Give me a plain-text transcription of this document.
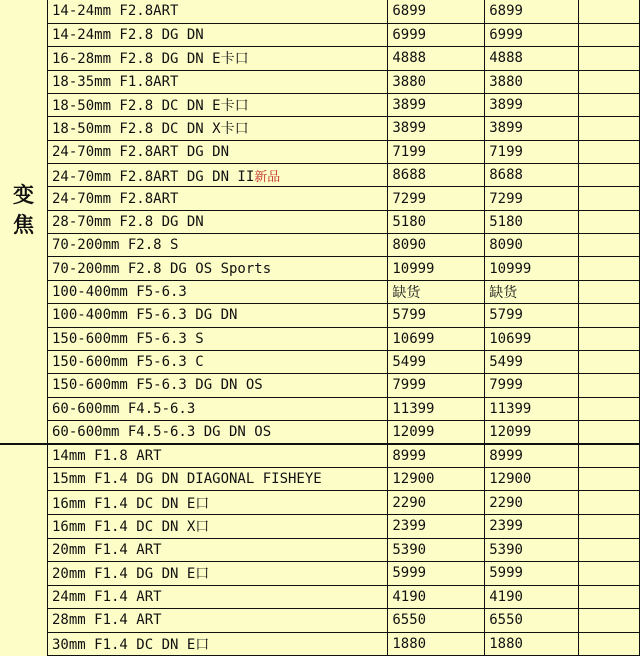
变
焦
14-24mm F2.8ART	6899	6899	
14-24mm F2.8 DG DN	6999	6999	
16-28mm F2.8 DG DN E卡口	4888	4888	
18-35mm F1.8ART	3880	3880	
18-50mm F2.8 DC DN E卡口	3899	3899	
18-50mm F2.8 DC DN X卡口	3899	3899	
24-70mm F2.8ART DG DN	7199	7199	
24-70mm F2.8ART DG DN II新品	8688	8688	
24-70mm F2.8ART	7299	7299	
28-70mm F2.8 DG DN	5180	5180	
70-200mm F2.8 S	8090	8090	
70-200mm F2.8 DG OS Sports	10999	10999	
100-400mm F5-6.3	缺货	缺货	
100-400mm F5-6.3 DG DN	5799	5799	
150-600mm F5-6.3 S	10699	10699	
150-600mm F5-6.3 C	5499	5499	
150-600mm F5-6.3 DG DN OS	7999	7999	
60-600mm F4.5-6.3	11399	11399	
60-600mm F4.5-6.3 DG DN OS	12099	12099	
14mm F1.8 ART	8999	8999	
15mm F1.4 DG DN DIAGONAL FISHEYE	12900	12900	
16mm F1.4 DC DN E口	2290	2290	
16mm F1.4 DC DN X口	2399	2399	
20mm F1.4 ART	5390	5390	
20mm F1.4 DG DN E口	5999	5999	
24mm F1.4 ART	4190	4190	
28mm F1.4 ART	6550	6550	
30mm F1.4 DC DN E口	1880	1880	
